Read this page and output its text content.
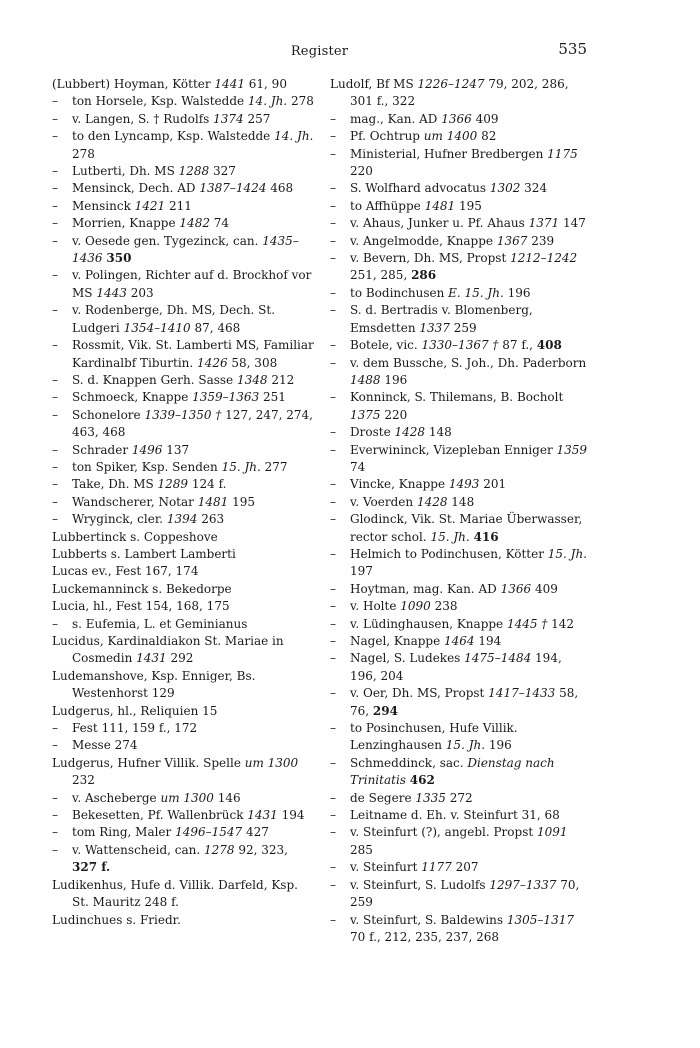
Register	535
(Lubbert) Hoyman, Kötter 1441 61, 90
– ton Horsele, Ksp. Walstedde 14. Jh. 278
– v. Langen, S. † Rudolfs 1374 257
– to den Lyncamp, Ksp. Walstedde 14. Jh. 278
– Lutberti, Dh. MS 1288 327
– Mensinck, Dech. AD 1387–1424 468
– Mensinck 1421 211
– Morrien, Knappe 1482 74
– v. Oesede gen. Tygezinck, can. 1435–1436 350
– v. Polingen, Richter auf d. Brockhof vor MS 1443 203
– v. Rodenberge, Dh. MS, Dech. St. Ludgeri 1354–1410 87, 468
– Rossmit, Vik. St. Lamberti MS, Familiar Kardinalbf Tiburtin. 1426 58, 308
– S. d. Knappen Gerh. Sasse 1348 212
– Schmoeck, Knappe 1359–1363 251
– Schonelore 1339–1350 † 127, 247, 274, 463, 468
– Schrader 1496 137
– ton Spiker, Ksp. Senden 15. Jh. 277
– Take, Dh. MS 1289 124 f.
– Wandscherer, Notar 1481 195
– Wryginck, cler. 1394 263
Lubbertinck s. Coppeshove
Lubberts s. Lambert Lamberti
Lucas ev., Fest 167, 174
Luckemanninck s. Bekedorpe
Lucia, hl., Fest 154, 168, 175
– s. Eufemia, L. et Geminianus
Lucidus, Kardinaldiakon St. Mariae in Cosmedin 1431 292
Ludemanshove, Ksp. Enniger, Bs. Westenhorst 129
Ludgerus, hl., Reliquien 15
– Fest 111, 159 f., 172
– Messe 274
Ludgerus, Hufner Villik. Spelle um 1300 232
– v. Ascheberge um 1300 146
– Bekesetten, Pf. Wallenbrück 1431 194
– tom Ring, Maler 1496–1547 427
– v. Wattenscheid, can. 1278 92, 323, 327 f.
Ludikenhus, Hufe d. Villik. Darfeld, Ksp. St. Mauritz 248 f.
Ludinchues s. Friedr.
Ludolf, Bf MS 1226–1247 79, 202, 286, 301 f., 322
– mag., Kan. AD 1366 409
– Pf. Ochtrup um 1400 82
– Ministerial, Hufner Bredbergen 1175 220
– S. Wolfhard advocatus 1302 324
– to Affhüppe 1481 195
– v. Ahaus, Junker u. Pf. Ahaus 1371 147
– v. Angelmodde, Knappe 1367 239
– v. Bevern, Dh. MS, Propst 1212–1242 251, 285, 286
– to Bodinchusen E. 15. Jh. 196
– S. d. Bertradis v. Blomenberg, Emsdetten 1337 259
– Botele, vic. 1330–1367 † 87 f., 408
– v. dem Bussche, S. Joh., Dh. Paderborn 1488 196
– Konninck, S. Thilemans, B. Bocholt 1375 220
– Droste 1428 148
– Everwininck, Vizepleban Enniger 1359 74
– Vincke, Knappe 1493 201
– v. Voerden 1428 148
– Glodinck, Vik. St. Mariae Überwasser, rector schol. 15. Jh. 416
– Helmich to Podinchusen, Kötter 15. Jh. 197
– Hoytman, mag. Kan. AD 1366 409
– v. Holte 1090 238
– v. Lüdinghausen, Knappe 1445 † 142
– Nagel, Knappe 1464 194
– Nagel, S. Ludekes 1475–1484 194, 196, 204
– v. Oer, Dh. MS, Propst 1417–1433 58, 76, 294
– to Posinchusen, Hufe Villik. Lenzinghausen 15. Jh. 196
– Schmeddinck, sac. Dienstag nach Trinitatis 462
– de Segere 1335 272
– Leitname d. Eh. v. Steinfurt 31, 68
– v. Steinfurt (?), angebl. Propst 1091 285
– v. Steinfurt 1177 207
– v. Steinfurt, S. Ludolfs 1297–1337 70, 259
– v. Steinfurt, S. Baldewins 1305–1317 70 f., 212, 235, 237, 268
